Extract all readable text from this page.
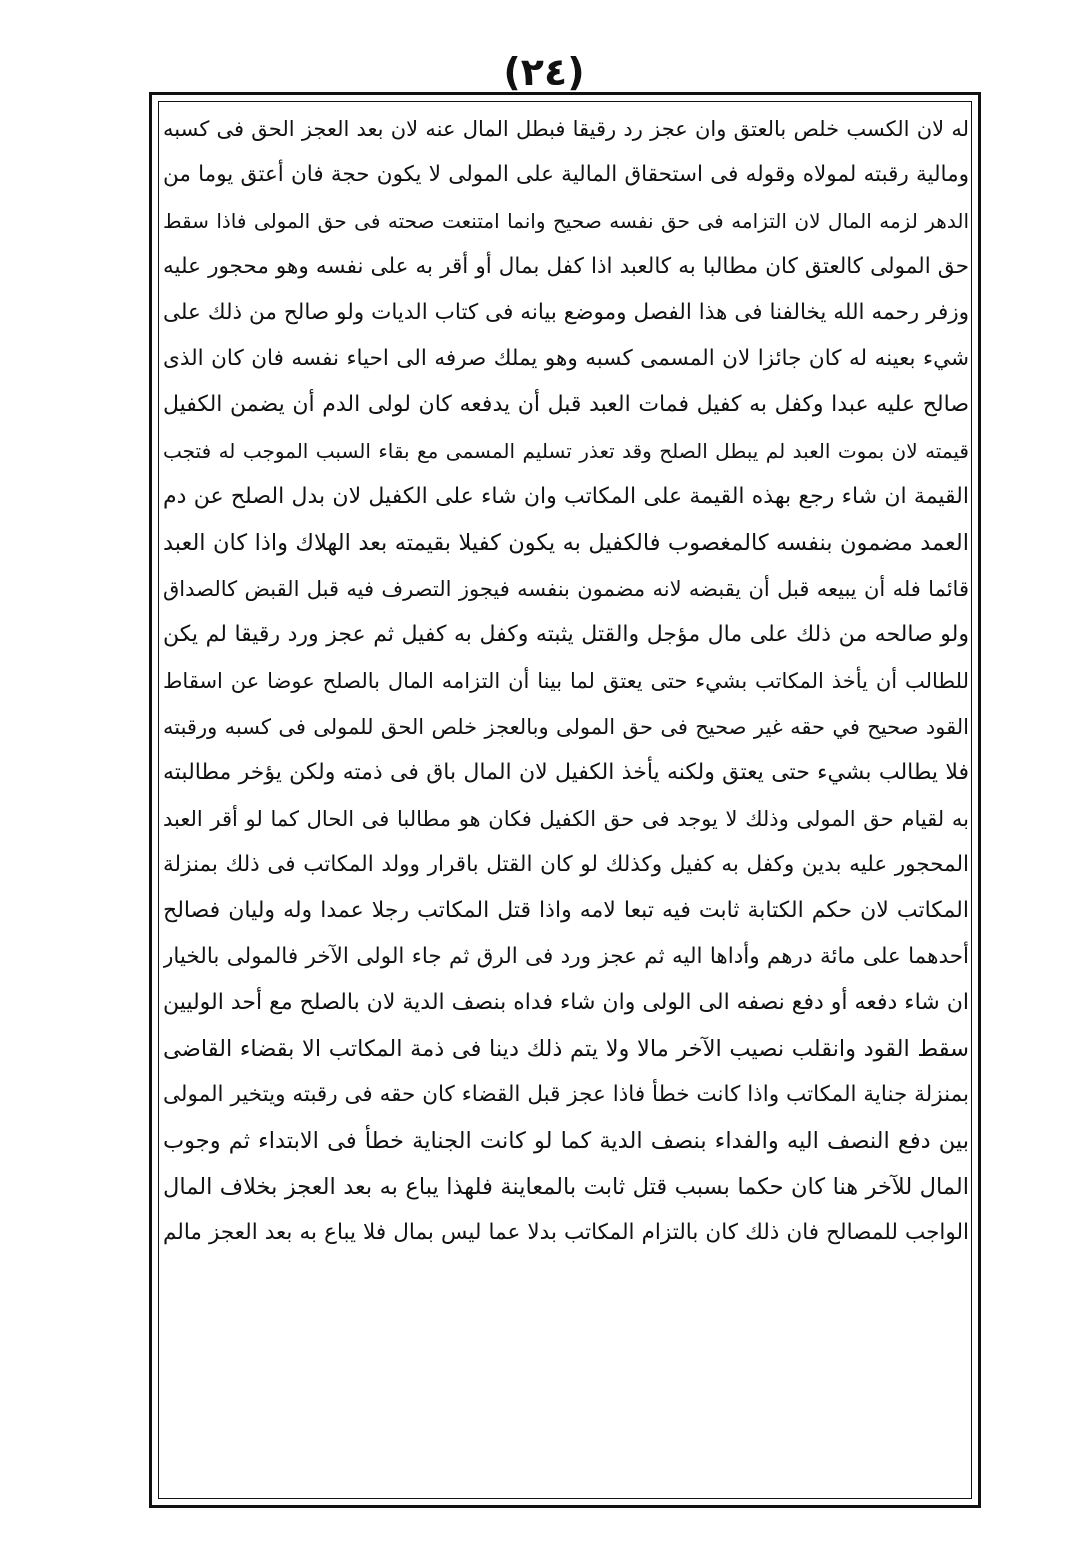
(٢٤)
له لان الكسب خلص بالعتق وان عجز رد رقيقا فبطل المال عنه لان بعد العجز الحق فى كسبه
ومالية رقبته لمولاه وقوله فى استحقاق المالية على المولى لا يكون حجة فان أعتق يوما من
الدهر لزمه المال لان التزامه فى حق نفسه صحيح وانما امتنعت صحته فى حق المولى فاذا سقط
حق المولى كالعتق كان مطالبا به كالعبد اذا كفل بمال أو أقر به على نفسه وهو محجور عليه
وزفر رحمه الله يخالفنا فى هذا الفصل وموضع بيانه فى كتاب الديات ولو صالح من ذلك على
شيء بعينه له كان جائزا لان المسمى كسبه وهو يملك صرفه الى احياء نفسه فان كان الذى
صالح عليه عبدا وكفل به كفيل فمات العبد قبل أن يدفعه كان لولى الدم أن يضمن الكفيل
قيمته لان بموت العبد لم يبطل الصلح وقد تعذر تسليم المسمى مع بقاء السبب الموجب له فتجب
القيمة ان شاء رجع بهذه القيمة على المكاتب وان شاء على الكفيل لان بدل الصلح عن دم
العمد مضمون بنفسه كالمغصوب فالكفيل به يكون كفيلا بقيمته بعد الهلاك واذا كان العبد
قائما فله أن يبيعه قبل أن يقبضه لانه مضمون بنفسه فيجوز التصرف فيه قبل القبض كالصداق
ولو صالحه من ذلك على مال مؤجل والقتل يثبته وكفل به كفيل ثم عجز ورد رقيقا لم يكن
للطالب أن يأخذ المكاتب بشيء حتى يعتق لما بينا أن التزامه المال بالصلح عوضا عن اسقاط
القود صحيح في حقه غير صحيح فى حق المولى وبالعجز خلص الحق للمولى فى كسبه ورقبته
فلا يطالب بشيء حتى يعتق ولكنه يأخذ الكفيل لان المال باق فى ذمته ولكن يؤخر مطالبته
به لقيام حق المولى وذلك لا يوجد فى حق الكفيل فكان هو مطالبا فى الحال كما لو أقر العبد
المحجور عليه بدين وكفل به كفيل وكذلك لو كان القتل باقرار وولد المكاتب فى ذلك بمنزلة
المكاتب لان حكم الكتابة ثابت فيه تبعا لامه واذا قتل المكاتب رجلا عمدا وله وليان فصالح
أحدهما على مائة درهم وأداها اليه ثم عجز ورد فى الرق ثم جاء الولى الآخر فالمولى بالخيار
ان شاء دفعه أو دفع نصفه الى الولى وان شاء فداه بنصف الدية لان بالصلح مع أحد الوليين
سقط القود وانقلب نصيب الآخر مالا ولا يتم ذلك دينا فى ذمة المكاتب الا بقضاء القاضى
بمنزلة جناية المكاتب واذا كانت خطأ فاذا عجز قبل القضاء كان حقه فى رقبته ويتخير المولى
بين دفع النصف اليه والفداء بنصف الدية كما لو كانت الجناية خطأ فى الابتداء ثم وجوب
المال للآخر هنا كان حكما بسبب قتل ثابت بالمعاينة فلهذا يباع به بعد العجز بخلاف المال
الواجب للمصالح فان ذلك كان بالتزام المكاتب بدلا عما ليس بمال فلا يباع به بعد العجز مالم
